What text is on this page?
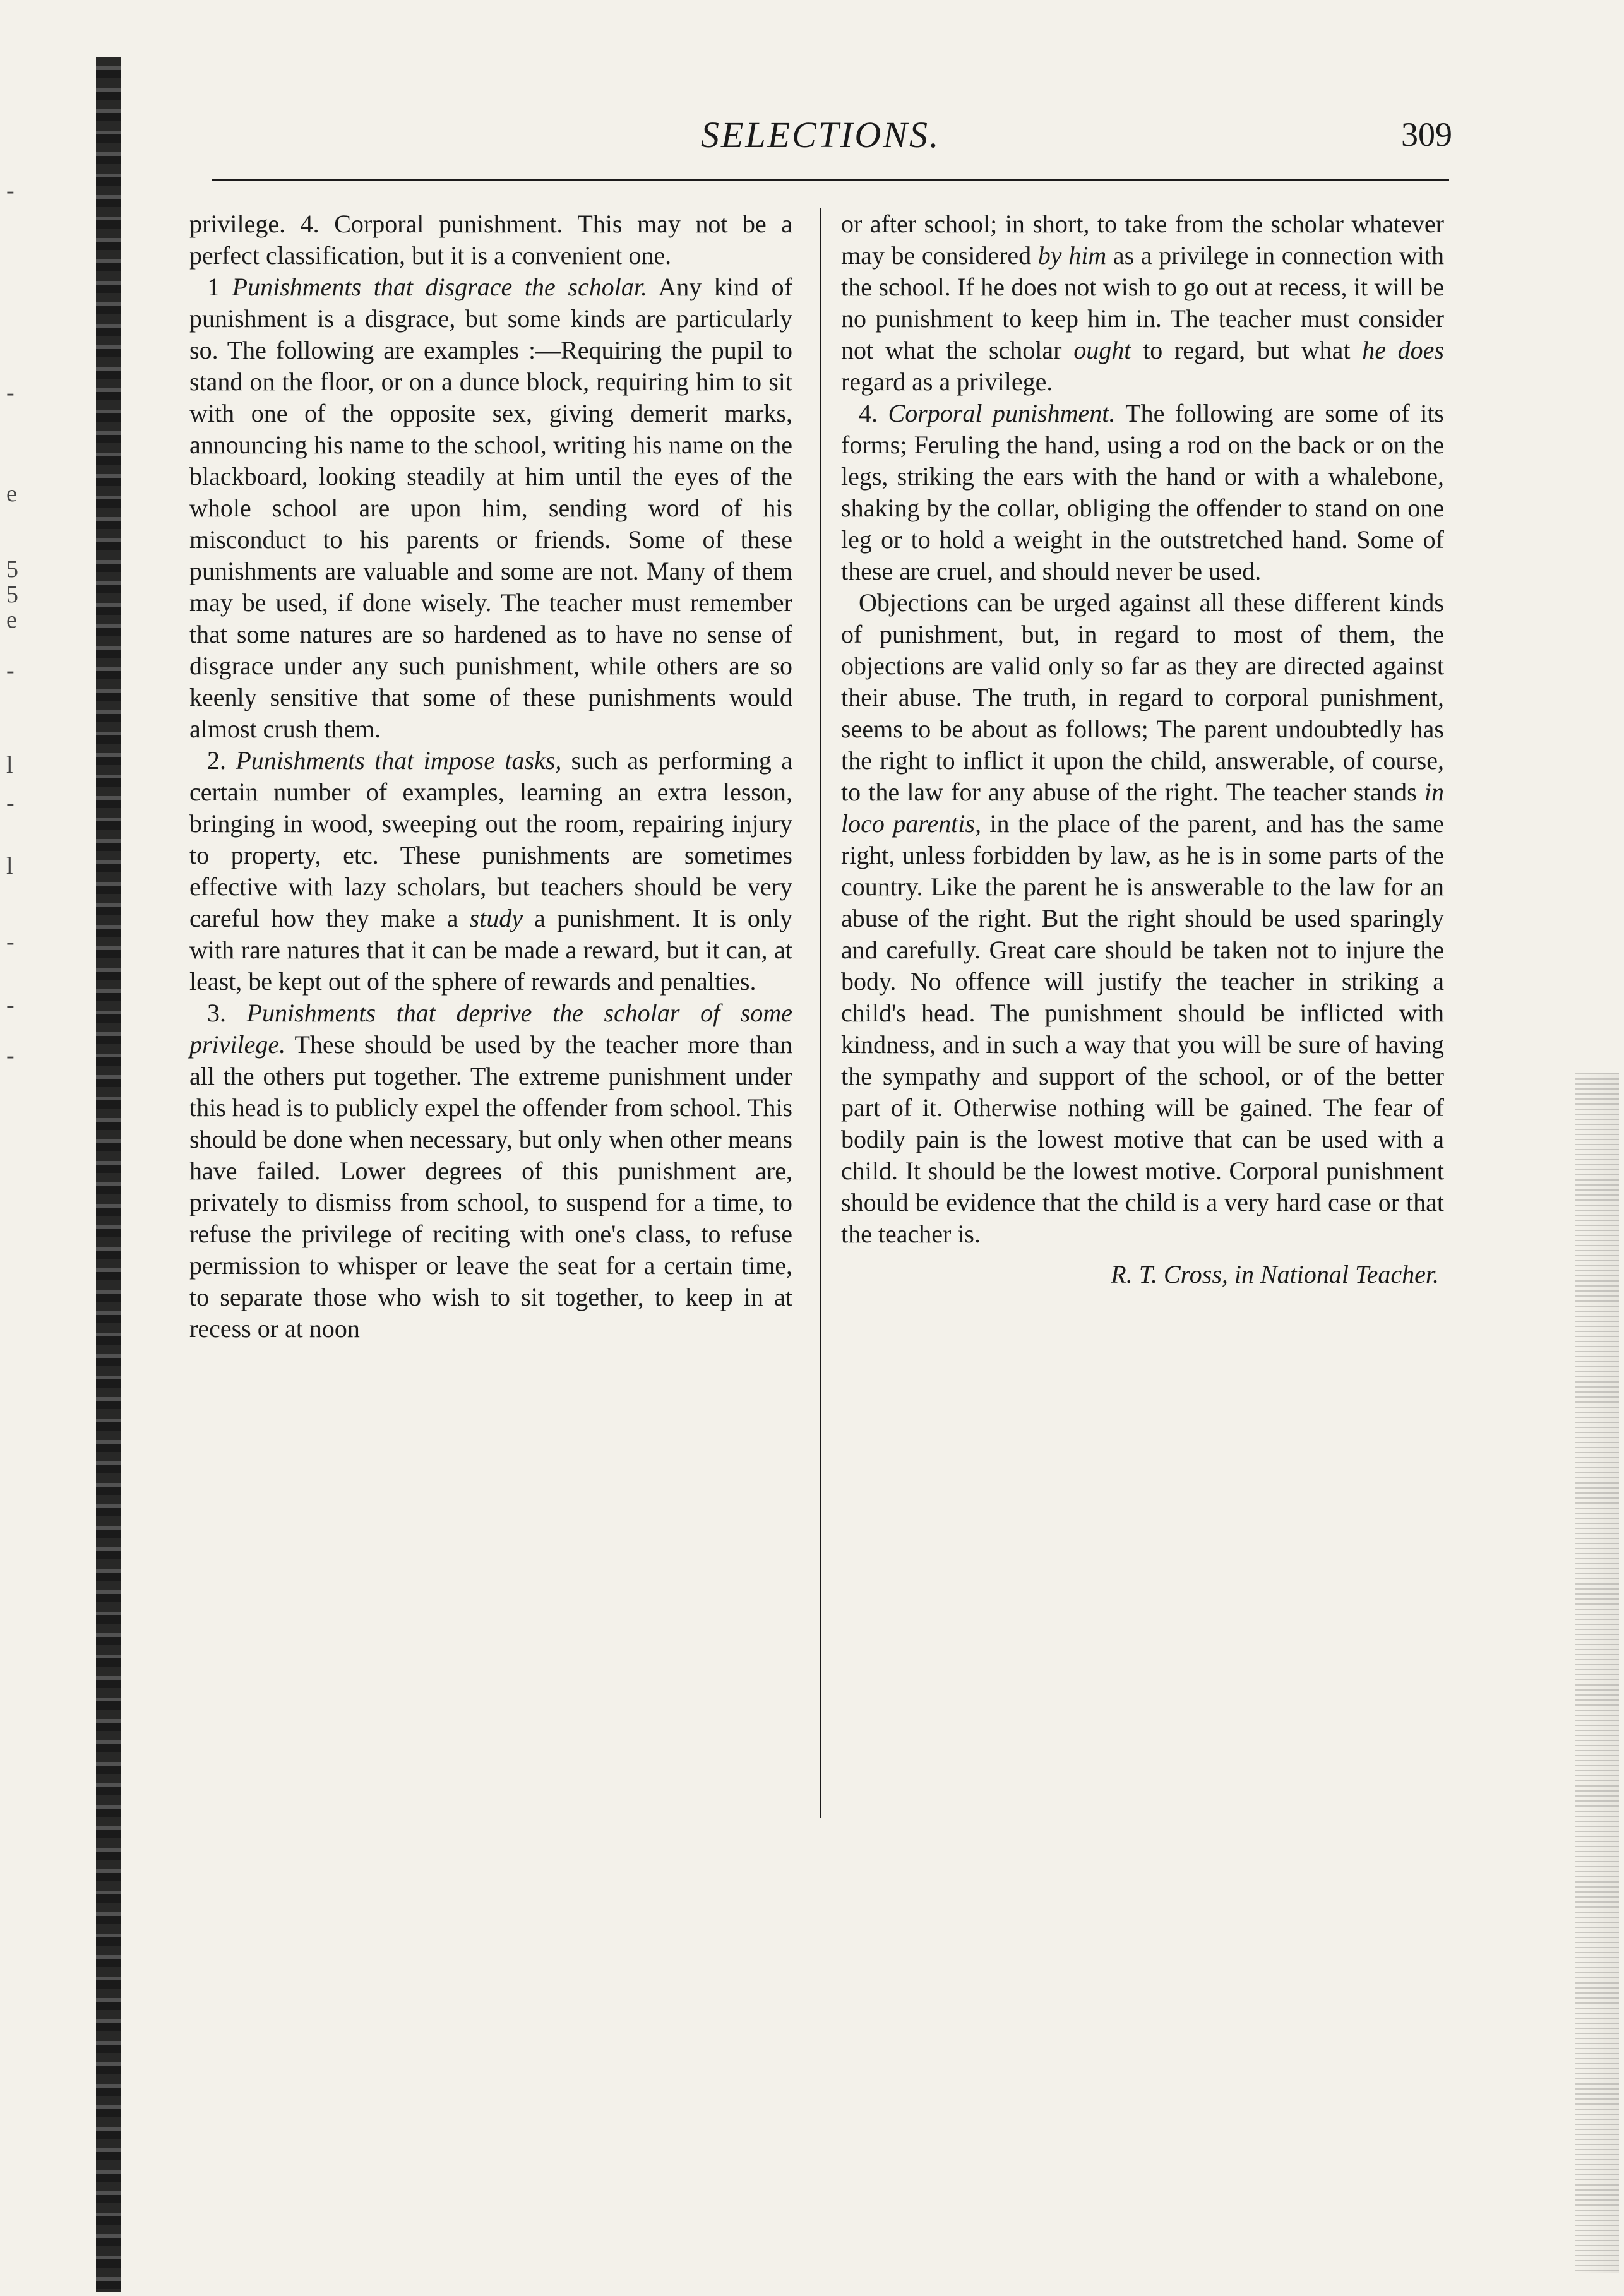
-
-
e
5
5
e
-
l
-
l
-
-
-
SELECTIONS.	309

privilege. 4. Corporal punishment. This may not be a perfect classification, but it is a convenient one.

1 Punishments that disgrace the scholar. Any kind of punishment is a disgrace, but some kinds are particularly so. The following are examples :—Requiring the pupil to stand on the floor, or on a dunce block, requiring him to sit with one of the opposite sex, giving demerit marks, announcing his name to the school, writing his name on the blackboard, looking steadily at him until the eyes of the whole school are upon him, sending word of his misconduct to his parents or friends. Some of these punishments are valuable and some are not. Many of them may be used, if done wisely. The teacher must remember that some natures are so hardened as to have no sense of disgrace under any such punishment, while others are so keenly sensitive that some of these punishments would almost crush them.

2. Punishments that impose tasks, such as performing a certain number of examples, learning an extra lesson, bringing in wood, sweeping out the room, repairing injury to property, etc. These punishments are sometimes effective with lazy scholars, but teachers should be very careful how they make a study a punishment. It is only with rare natures that it can be made a reward, but it can, at least, be kept out of the sphere of rewards and penalties.

3. Punishments that deprive the scholar of some privilege. These should be used by the teacher more than all the others put together. The extreme punishment under this head is to publicly expel the offender from school. This should be done when necessary, but only when other means have failed. Lower degrees of this punishment are, privately to dismiss from school, to suspend for a time, to refuse the privilege of reciting with one's class, to refuse permission to whisper or leave the seat for a certain time, to separate those who wish to sit together, to keep in at recess or at noon

or after school; in short, to take from the scholar whatever may be considered by him as a privilege in connection with the school. If he does not wish to go out at recess, it will be no punishment to keep him in. The teacher must consider not what the scholar ought to regard, but what he does regard as a privilege.

4. Corporal punishment. The following are some of its forms; Feruling the hand, using a rod on the back or on the legs, striking the ears with the hand or with a whalebone, shaking by the collar, obliging the offender to stand on one leg or to hold a weight in the outstretched hand. Some of these are cruel, and should never be used.

Objections can be urged against all these different kinds of punishment, but, in regard to most of them, the objections are valid only so far as they are directed against their abuse. The truth, in regard to corporal punishment, seems to be about as follows; The parent undoubtedly has the right to inflict it upon the child, answerable, of course, to the law for any abuse of the right. The teacher stands in loco parentis, in the place of the parent, and has the same right, unless forbidden by law, as he is in some parts of the country. Like the parent he is answerable to the law for an abuse of the right. But the right should be used sparingly and carefully. Great care should be taken not to injure the body. No offence will justify the teacher in striking a child's head. The punishment should be inflicted with kindness, and in such a way that you will be sure of having the sympathy and support of the school, or of the better part of it. Otherwise nothing will be gained. The fear of bodily pain is the lowest motive that can be used with a child. It should be the lowest motive. Corporal punishment should be evidence that the child is a very hard case or that the teacher is.

R. T. Cross, in National Teacher.
